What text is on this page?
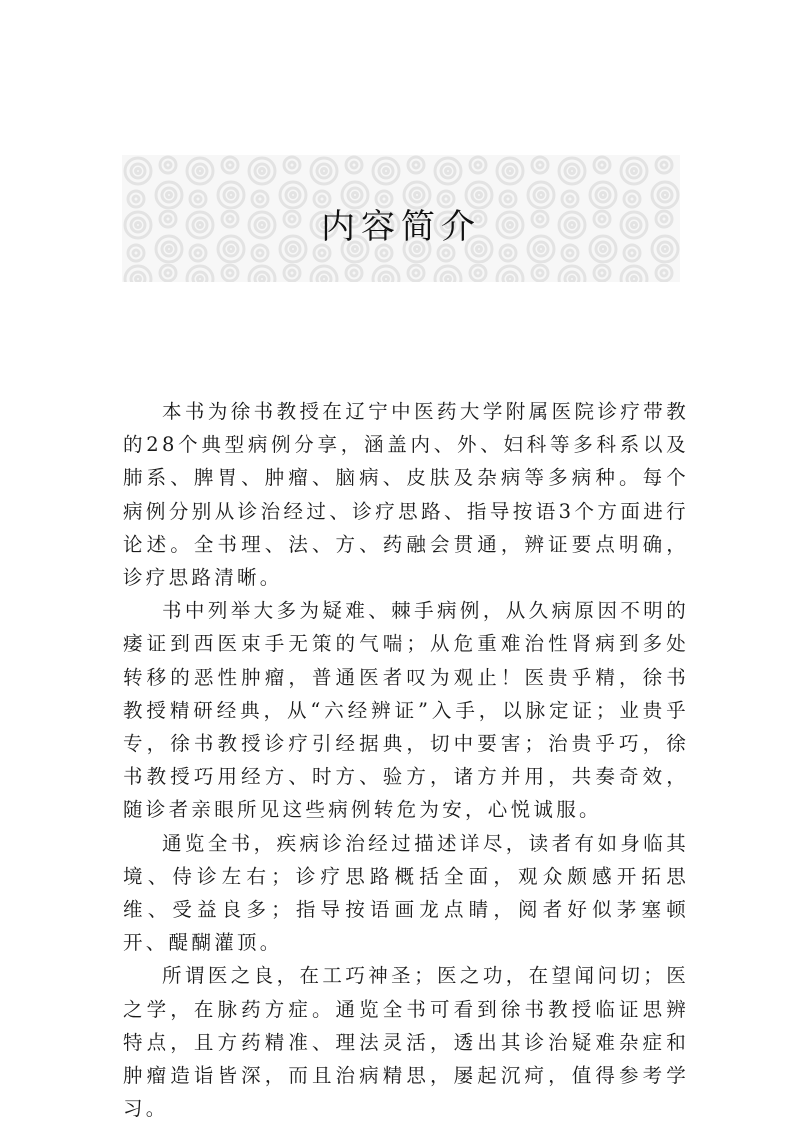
内容简介

本书为徐书教授在辽宁中医药大学附属医院诊疗带教的28个典型病例分享，涵盖内、外、妇科等多科系以及肺系、脾胃、肿瘤、脑病、皮肤及杂病等多病种。每个病例分别从诊治经过、诊疗思路、指导按语3个方面进行论述。全书理、法、方、药融会贯通，辨证要点明确，诊疗思路清晰。

书中列举大多为疑难、棘手病例，从久病原因不明的痿证到西医束手无策的气喘；从危重难治性肾病到多处转移的恶性肿瘤，普通医者叹为观止！医贵乎精，徐书教授精研经典，从“六经辨证”入手，以脉定证；业贵乎专，徐书教授诊疗引经据典，切中要害；治贵乎巧，徐书教授巧用经方、时方、验方，诸方并用，共奏奇效，随诊者亲眼所见这些病例转危为安，心悦诚服。

通览全书，疾病诊治经过描述详尽，读者有如身临其境、侍诊左右；诊疗思路概括全面，观众颇感开拓思维、受益良多；指导按语画龙点睛，阅者好似茅塞顿开、醍醐灌顶。

所谓医之良，在工巧神圣；医之功，在望闻问切；医之学，在脉药方症。通览全书可看到徐书教授临证思辨特点，且方药精准、理法灵活，透出其诊治疑难杂症和肿瘤造诣皆深，而且治病精思，屡起沉疴，值得参考学习。
